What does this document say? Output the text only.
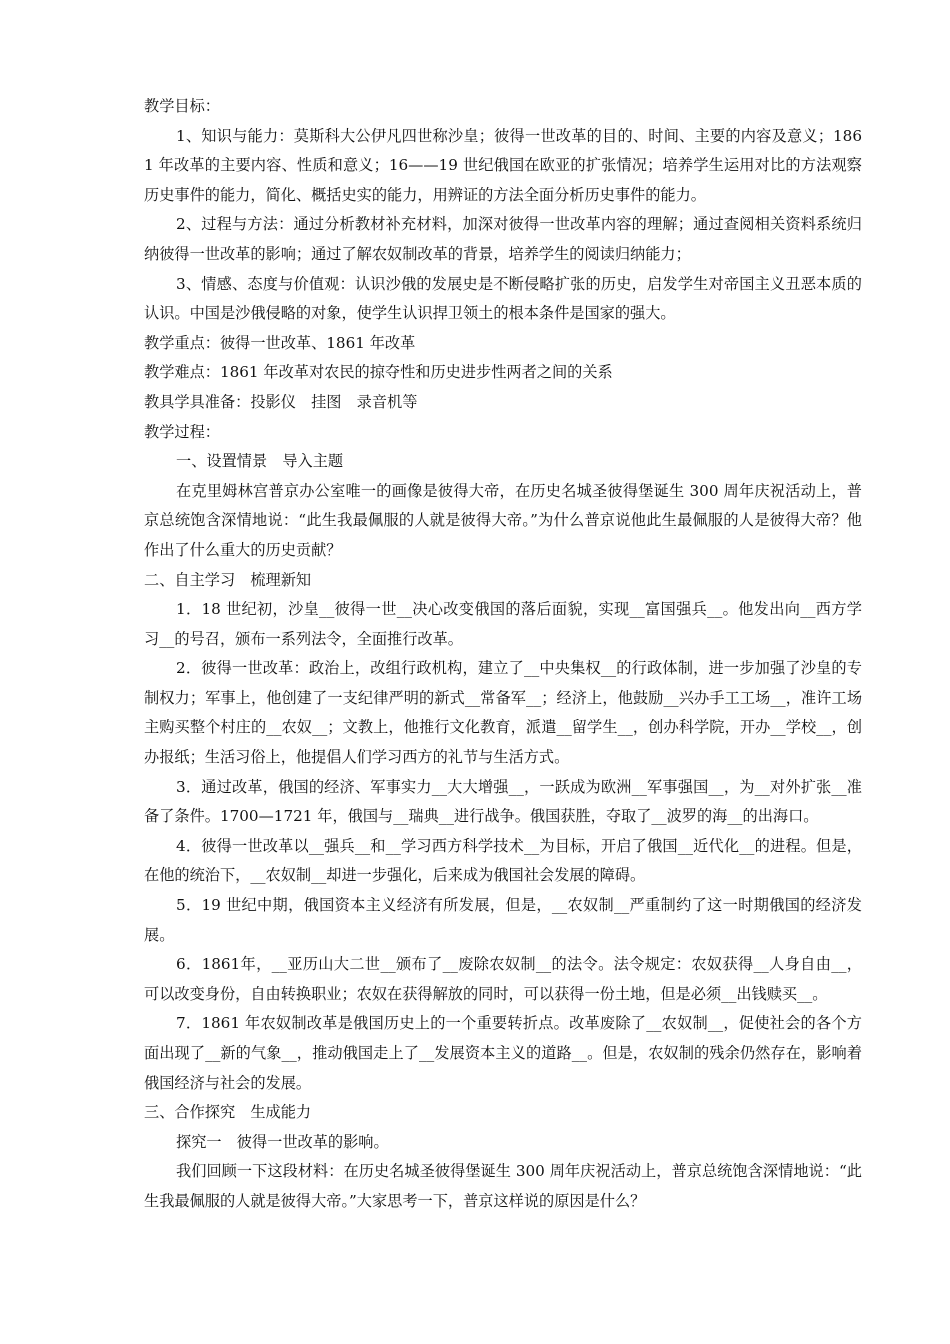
教学目标：

1、知识与能力：莫斯科大公伊凡四世称沙皇；彼得一世改革的目的、时间、主要的内容及意义；1861 年改革的主要内容、性质和意义；16——19 世纪俄国在欧亚的扩张情况；培养学生运用对比的方法观察历史事件的能力，简化、概括史实的能力，用辨证的方法全面分析历史事件的能力。

2、过程与方法：通过分析教材补充材料，加深对彼得一世改革内容的理解；通过查阅相关资料系统归纳彼得一世改革的影响；通过了解农奴制改革的背景，培养学生的阅读归纳能力；

3、情感、态度与价值观：认识沙俄的发展史是不断侵略扩张的历史，启发学生对帝国主义丑恶本质的认识。中国是沙俄侵略的对象，使学生认识捍卫领土的根本条件是国家的强大。

教学重点：彼得一世改革、1861 年改革

教学难点：1861 年改革对农民的掠夺性和历史进步性两者之间的关系

教具学具准备：投影仪　挂图　录音机等

教学过程：

一、设置情景　导入主题

在克里姆林宫普京办公室唯一的画像是彼得大帝，在历史名城圣彼得堡诞生 300 周年庆祝活动上，普京总统饱含深情地说：“此生我最佩服的人就是彼得大帝。”为什么普京说他此生最佩服的人是彼得大帝？他作出了什么重大的历史贡献？

二、自主学习　梳理新知

1．18 世纪初，沙皇__彼得一世__决心改变俄国的落后面貌，实现__富国强兵__。他发出向__西方学习__的号召，颁布一系列法令，全面推行改革。

2．彼得一世改革：政治上，改组行政机构，建立了__中央集权__的行政体制，进一步加强了沙皇的专制权力；军事上，他创建了一支纪律严明的新式__常备军__；经济上，他鼓励__兴办手工工场__，准许工场主购买整个村庄的__农奴__；文教上，他推行文化教育，派遣__留学生__，创办科学院，开办__学校__，创办报纸；生活习俗上，他提倡人们学习西方的礼节与生活方式。

3．通过改革，俄国的经济、军事实力__大大增强__，一跃成为欧洲__军事强国__，为__对外扩张__准备了条件。1700—1721 年，俄国与__瑞典__进行战争。俄国获胜，夺取了__波罗的海__的出海口。

4．彼得一世改革以__强兵__和__学习西方科学技术__为目标，开启了俄国__近代化__的进程。但是，在他的统治下，__农奴制__却进一步强化，后来成为俄国社会发展的障碍。

5．19 世纪中期，俄国资本主义经济有所发展，但是，__农奴制__严重制约了这一时期俄国的经济发展。

6．1861年，__亚历山大二世__颁布了__废除农奴制__的法令。法令规定：农奴获得__人身自由__，可以改变身份，自由转换职业；农奴在获得解放的同时，可以获得一份土地，但是必须__出钱赎买__。

7．1861 年农奴制改革是俄国历史上的一个重要转折点。改革废除了__农奴制__，促使社会的各个方面出现了__新的气象__，推动俄国走上了__发展资本主义的道路__。但是，农奴制的残余仍然存在，影响着俄国经济与社会的发展。

三、合作探究　生成能力

探究一　彼得一世改革的影响。

我们回顾一下这段材料：在历史名城圣彼得堡诞生 300 周年庆祝活动上，普京总统饱含深情地说：“此生我最佩服的人就是彼得大帝。”大家思考一下，普京这样说的原因是什么？
